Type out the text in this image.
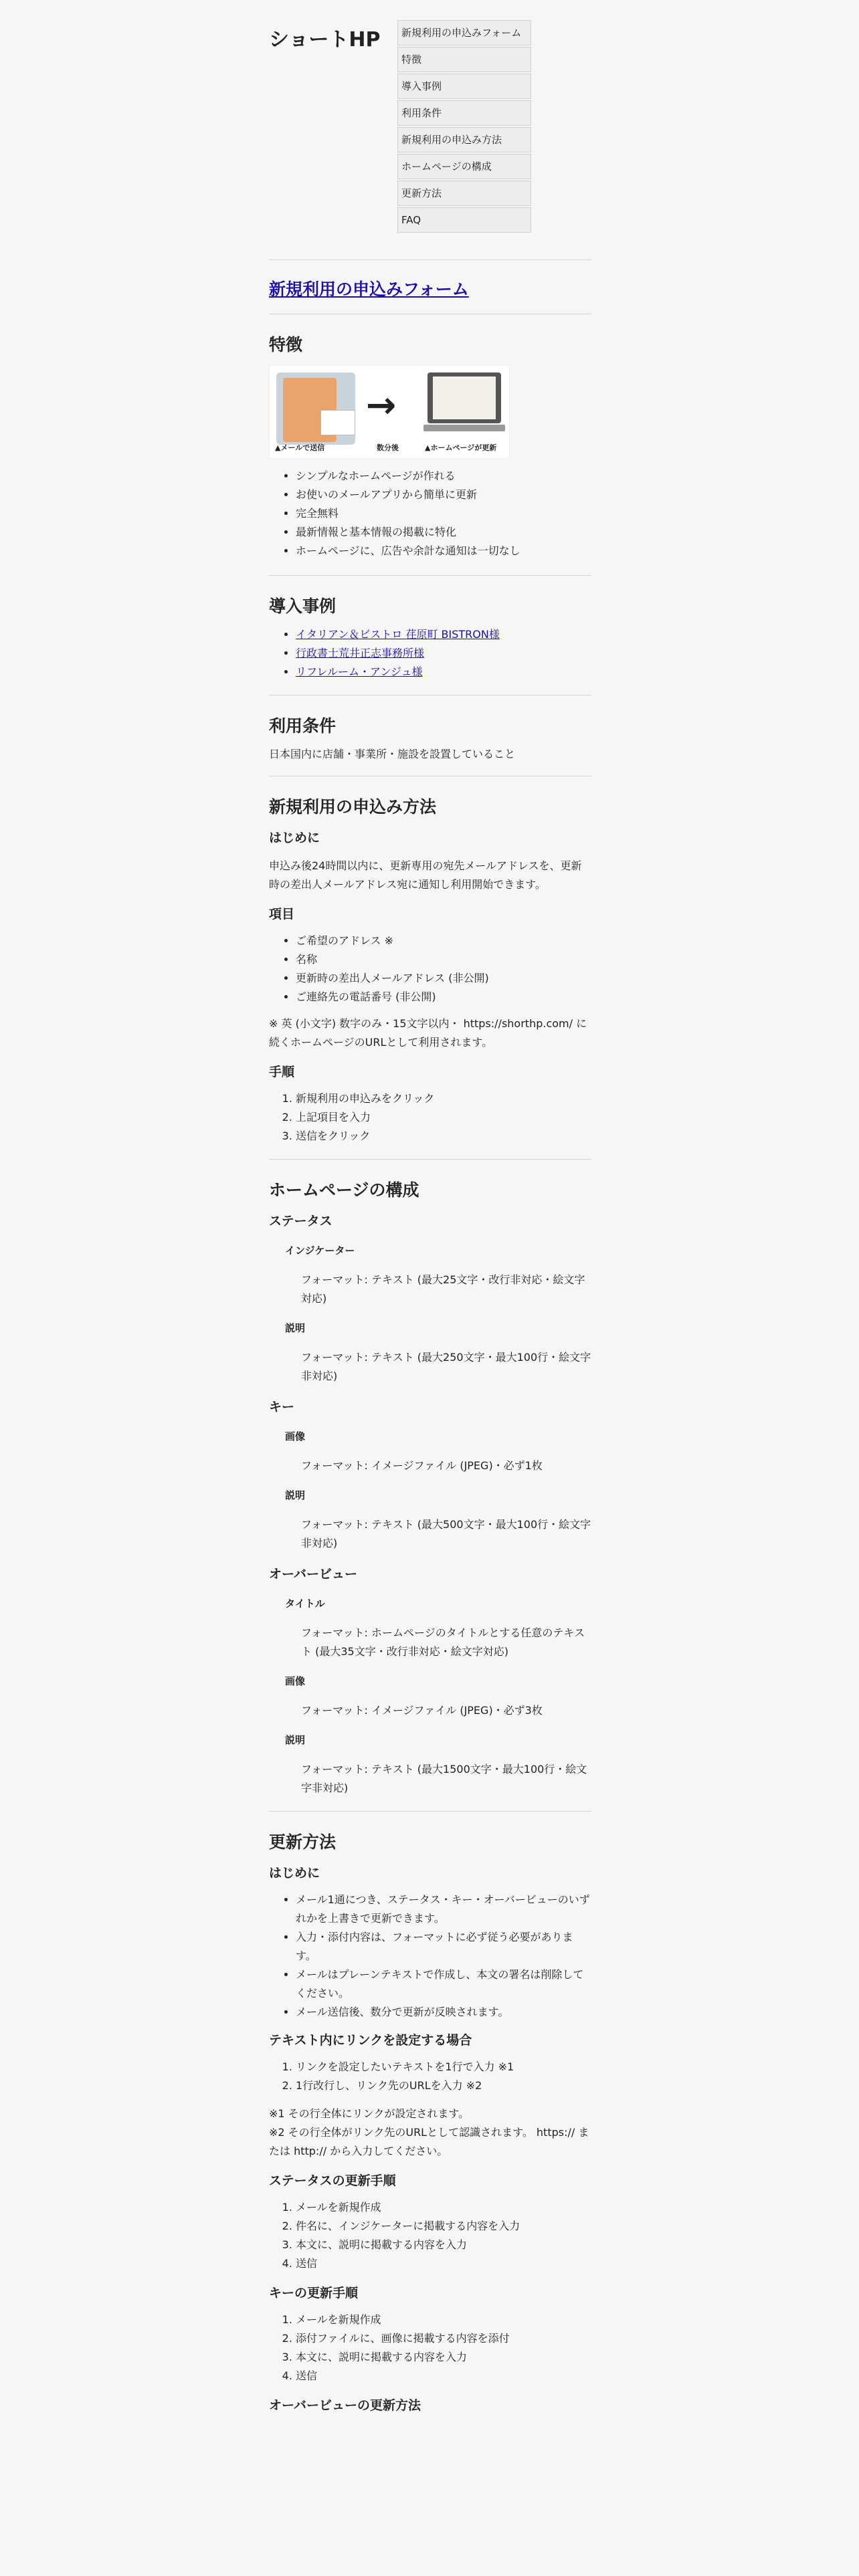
ショートHP	新規利用の申込みフォーム
特徴
導入事例
利用条件
新規利用の申込み方法
ホームページの構成
更新方法
FAQ
新規利用の申込みフォーム
特徴
→
▲メールで送信	数分後	▲ホームページが更新
• シンプルなホームページが作れる
• お使いのメールアプリから簡単に更新
• 完全無料
• 最新情報と基本情報の掲載に特化
• ホームページに、広告や余計な通知は一切なし
導入事例
• イタリアン＆ビストロ 荏原町 BISTRON様
• 行政書士荒井正志事務所様
• リフレルーム・アンジュ様
利用条件

日本国内に店舗・事業所・施設を設置していること

新規利用の申込み方法
はじめに

申込み後24時間以内に、更新専用の宛先メールアドレスを、更新時の差出人メールアドレス宛に通知し利用開始できます。

項目
• ご希望のアドレス ※
• 名称
• 更新時の差出人メールアドレス (非公開)
• ご連絡先の電話番号 (非公開)

※ 英 (小文字) 数字のみ・15文字以内・ https://shorthp.com/ に続くホームページのURLとして利用されます。

手順
1. 新規利用の申込みをクリック
2. 上記項目を入力
3. 送信をクリック
ホームページの構成
ステータス
インジケーター

フォーマット: テキスト (最大25文字・改行非対応・絵文字対応)

説明

フォーマット: テキスト (最大250文字・最大100行・絵文字非対応)

キー
画像

フォーマット: イメージファイル (JPEG)・必ず1枚

説明

フォーマット: テキスト (最大500文字・最大100行・絵文字非対応)

オーバービュー
タイトル

フォーマット: ホームページのタイトルとする任意のテキスト (最大35文字・改行非対応・絵文字対応)

画像

フォーマット: イメージファイル (JPEG)・必ず3枚

説明

フォーマット: テキスト (最大1500文字・最大100行・絵文字非対応)

更新方法
はじめに
• メール1通につき、ステータス・キー・オーバービューのいずれかを上書きで更新できます。
• 入力・添付内容は、フォーマットに必ず従う必要があります。
• メールはプレーンテキストで作成し、本文の署名は削除してください。
• メール送信後、数分で更新が反映されます。
テキスト内にリンクを設定する場合
1. リンクを設定したいテキストを1行で入力 ※1
2. 1行改行し、リンク先のURLを入力 ※2

※1 その行全体にリンクが設定されます。

※2 その行全体がリンク先のURLとして認識されます。 https:// または http:// から入力してください。

ステータスの更新手順
1. メールを新規作成
2. 件名に、インジケーターに掲載する内容を入力
3. 本文に、説明に掲載する内容を入力
4. 送信
キーの更新手順
1. メールを新規作成
2. 添付ファイルに、画像に掲載する内容を添付
3. 本文に、説明に掲載する内容を入力
4. 送信
オーバービューの更新方法
